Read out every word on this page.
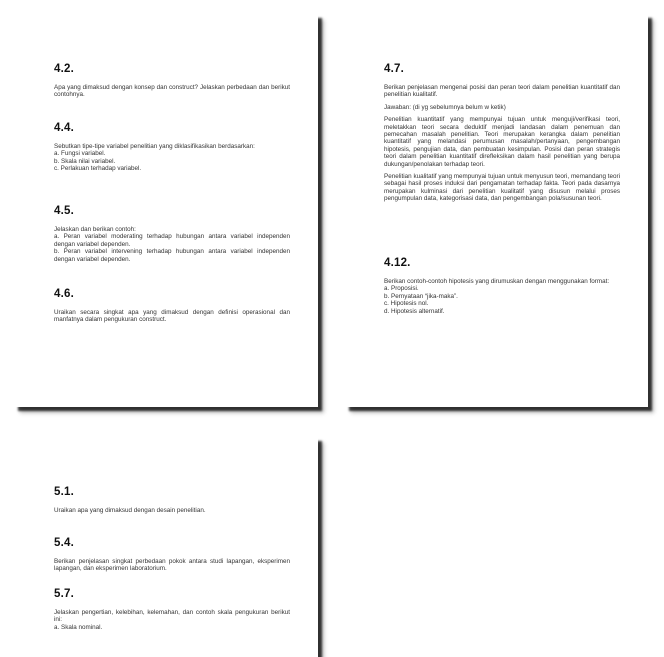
4.2.

Apa yang dimaksud dengan konsep dan construct? Jelaskan perbedaan dan berikut contohnya.

4.4.

Sebutkan tipe-tipe variabel penelitian yang diklasifikasikan berdasarkan:

a. Fungsi variabel.
b. Skala nilai variabel.
c. Perlakuan terhadap variabel.
4.5.

Jelaskan dan berikan contoh:

a. Peran variabel moderating terhadap hubungan antara variabel independen dengan variabel dependen.

b. Peran variabel intervening terhadap hubungan antara variabel independen dengan variabel dependen.

4.6.

Uraikan secara singkat apa yang dimaksud dengan definisi operasional dan manfatnya dalam pengukuran construct.

4.7.

Berikan penjelasan mengenai posisi dan peran teori dalam penelitian kuantitatif dan penelitian kualitatif.

Jawaban: (di yg sebelumnya belum w ketik)

Penelitian kuantitatif yang mempunyai tujuan untuk menguji/verifikasi teori, meletakkan teori secara deduktif menjadi landasan dalam penemuan dan pemecahan masalah penelitian. Teori merupakan kerangka dalam penelitian kuantitatif yang melandasi perumusan masalah/pertanyaan, pengembangan hipotesis, pengujian data, dan pembuatan kesimpulan. Posisi dan peran strategis teori dalam penelitian kuantitatif direfleksikan dalam hasil penelitian yang berupa dukungan/penolakan terhadap teori.

Penelitian kualitatif yang mempunyai tujuan untuk menyusun teori, memandang teori sebagai hasil proses induksi dari pengamatan terhadap fakta. Teori pada dasarnya merupakan kulminasi dari penelitian kualitatif yang disusun melalui proses pengumpulan data, kategorisasi data, dan pengembangan pola/susunan teori.

4.12.

Berikan contoh-contoh hipotesis yang dirumuskan dengan menggunakan format:

a. Proposisi.
b. Pernyataan “jika-maka”.
c. Hipotesis nol.
d. Hipotesis alternatif.
5.1.

Uraikan apa yang dimaksud dengan desain penelitian.

5.4.

Berikan penjelasan singkat perbedaan pokok antara studi lapangan, eksperimen lapangan, dan eksperimen laboratorium.

5.7.

Jelaskan pengertian, kelebihan, kelemahan, dan contoh skala pengukuran berikut ini:

a. Skala nominal.
